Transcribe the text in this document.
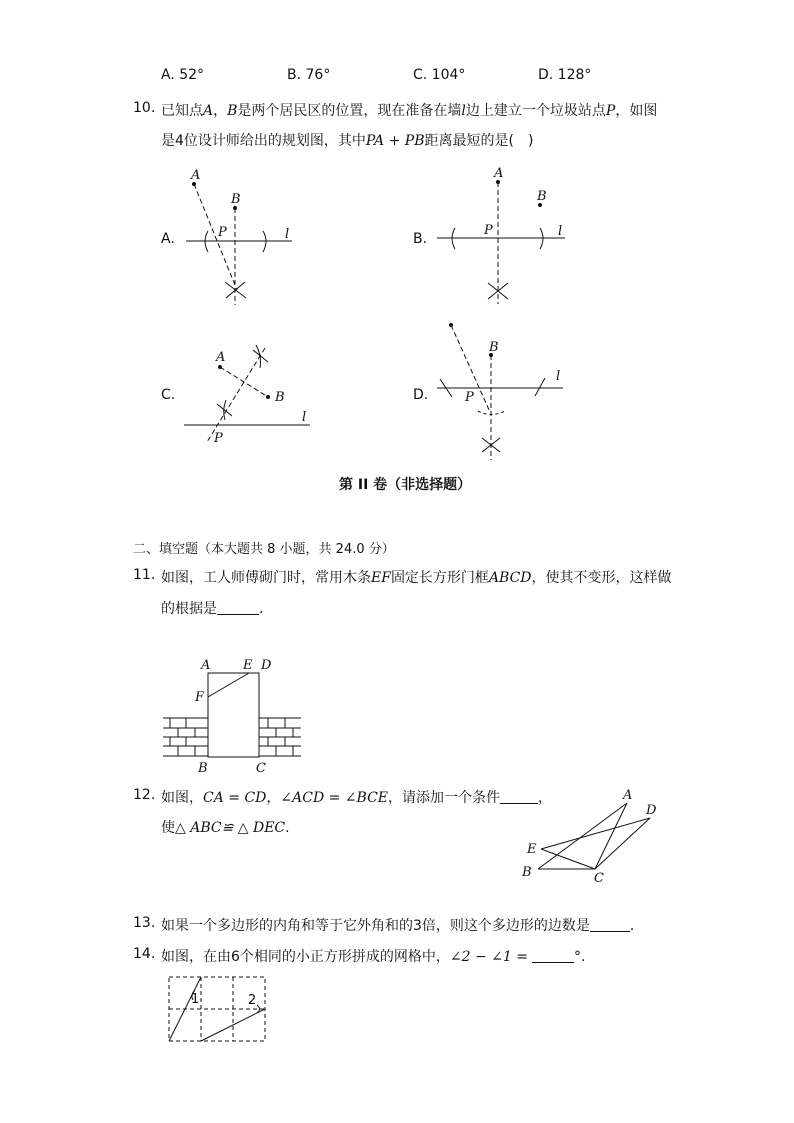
A. 52°	B. 76°	C. 104°	D. 128°
10. 已知点A，B是两个居民区的位置，现在准备在墙l边上建立一个垃圾站点P，如图
是4位设计师给出的规划图，其中PA + PB距离最短的是(　)
A.
A
B
P	l	B.
A
B
P	l
C.
A
B
P
l
D.
B
P
l
第 II 卷（非选择题）
二、填空题（本大题共 8 小题，共 24.0 分）
11. 如图，工人师傅砌门时，常用木条EF固定长方形门框ABCD，使其不变形，这样做
的根据是	．
A	E D
F
B	C
12. 如图，CA = CD，∠ACD = ∠BCE，请添加一个条件	，
使△ ABC≌ △ DEC.
A
D
E
B	C
13. 如果一个多边形的内角和等于它外角和的3倍，则这个多边形的边数是	．
14. 如图，在由6个相同的小正方形拼成的网格中，∠2 − ∠1 =	°.
1	2
